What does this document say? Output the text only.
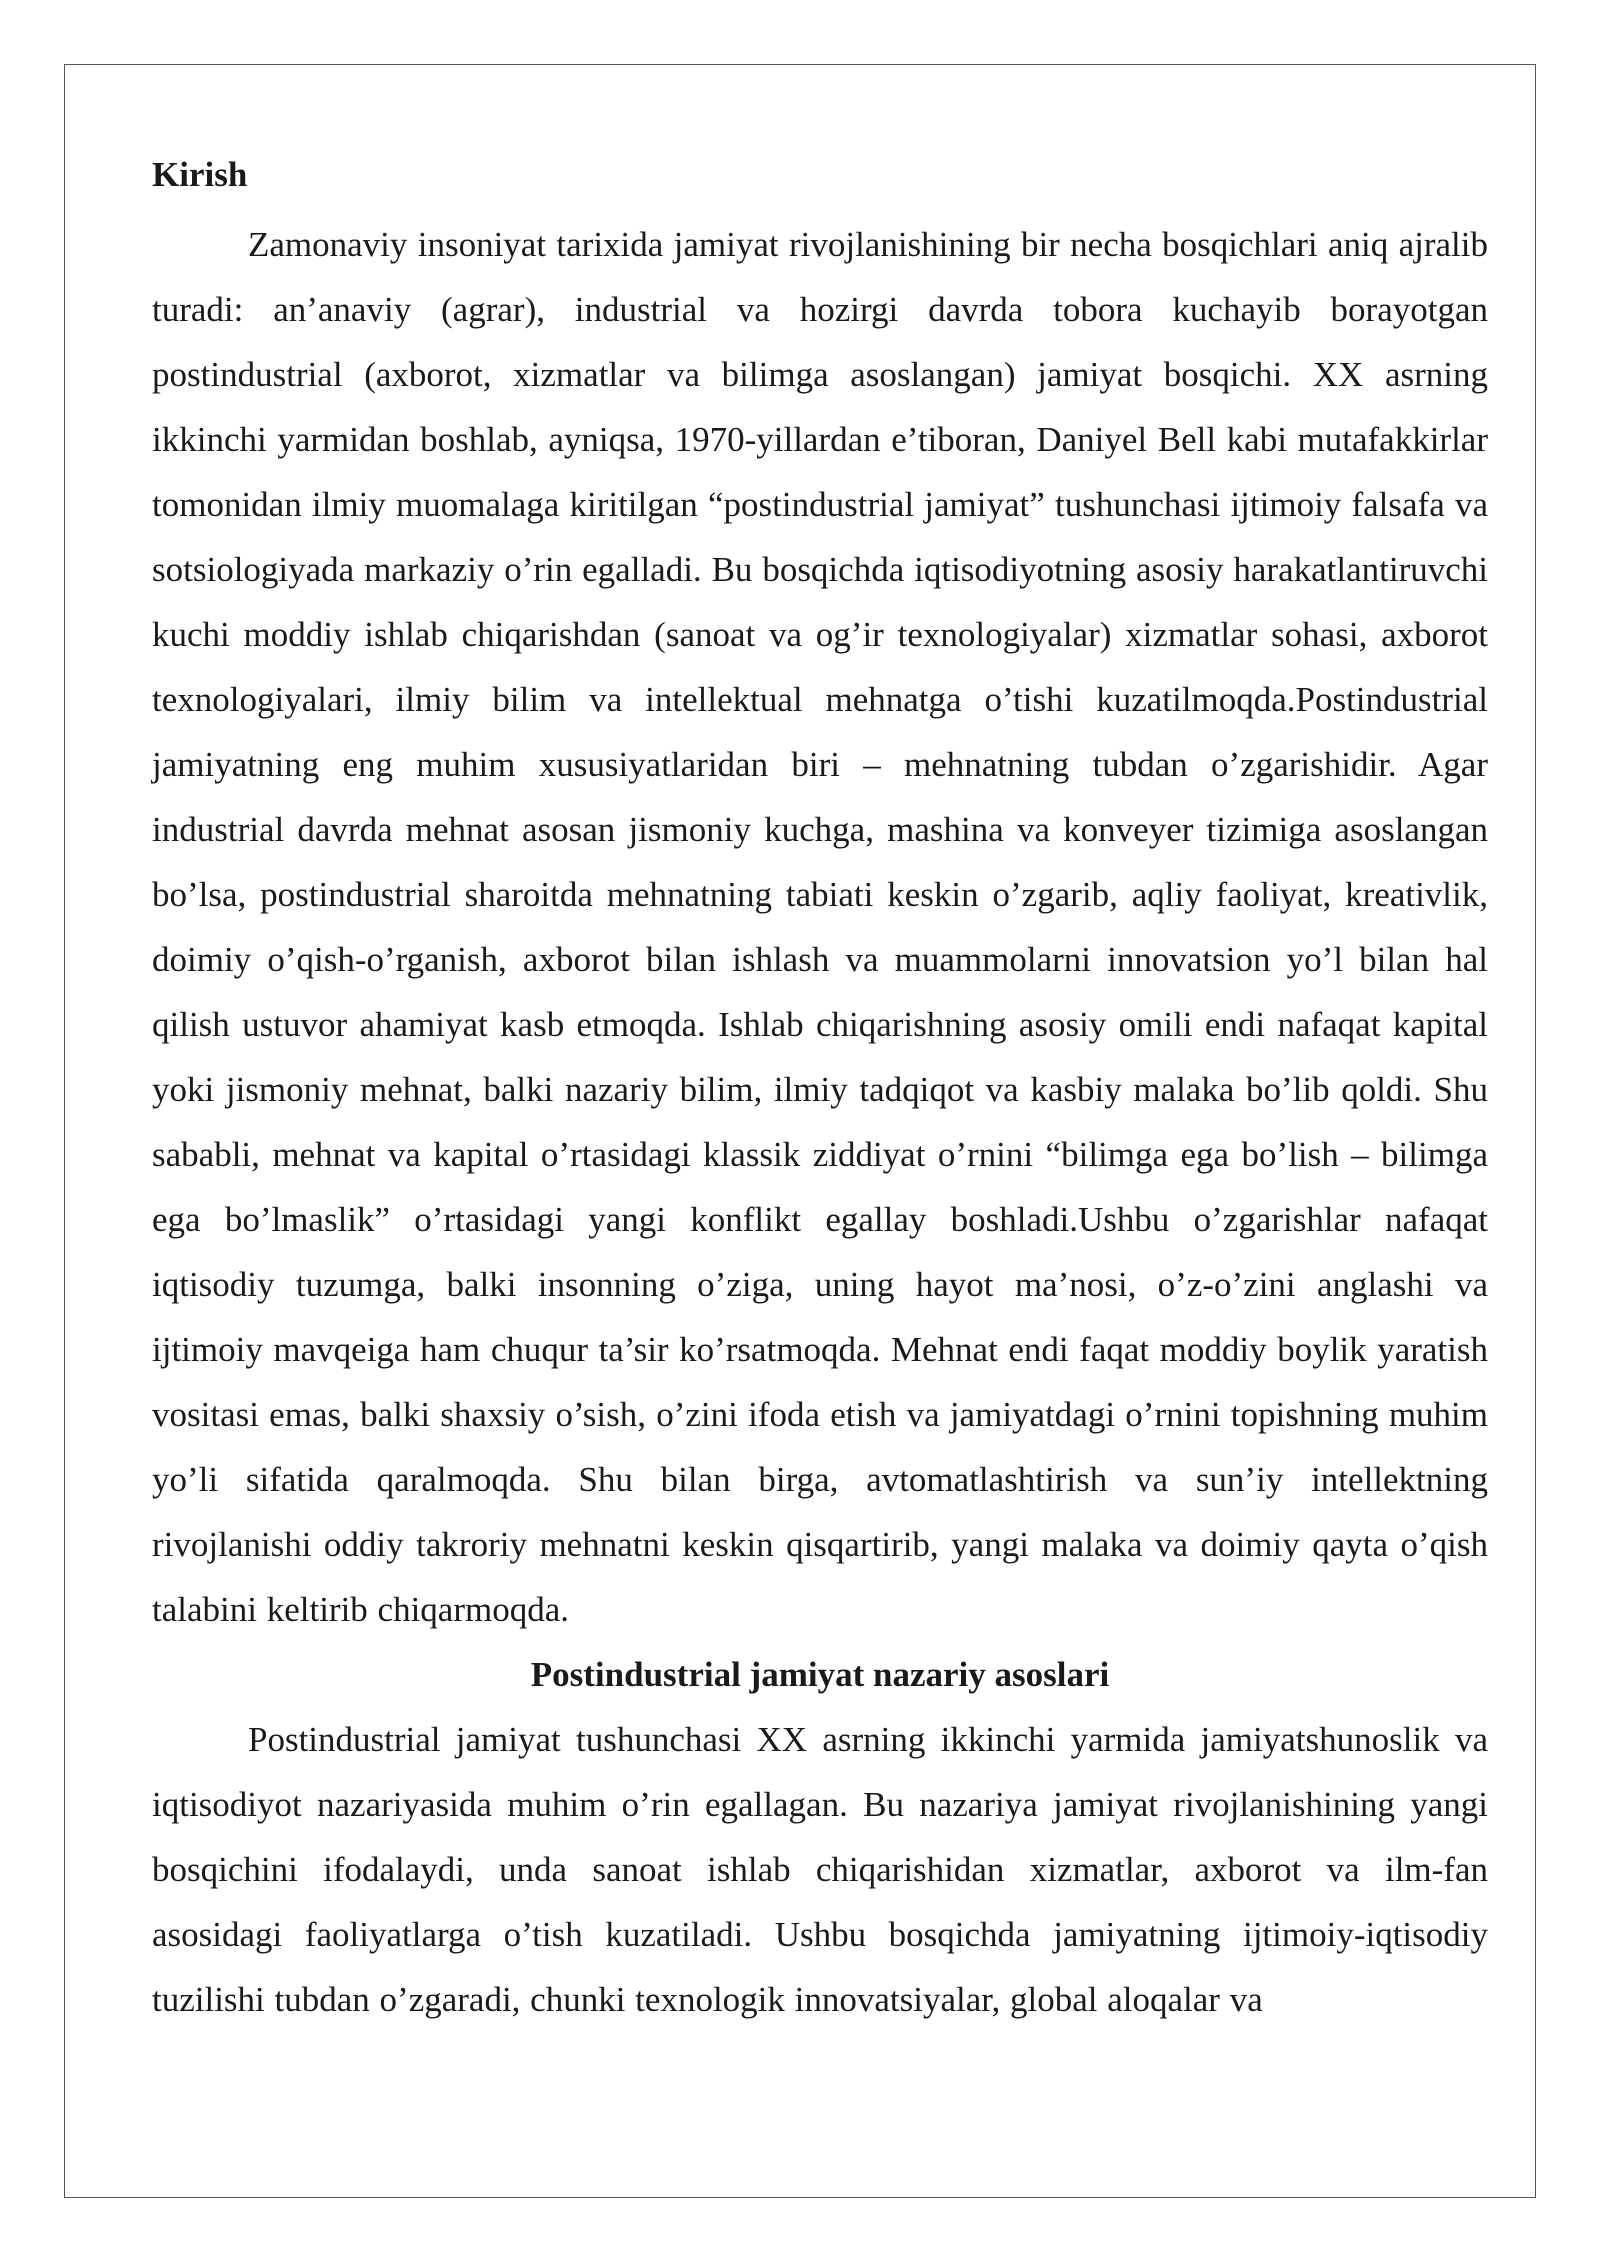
Kirish

Zamonaviy insoniyat tarixida jamiyat rivojlanishining bir necha bosqichlari aniq ajralib turadi: an’anaviy (agrar), industrial va hozirgi davrda tobora kuchayib borayotgan postindustrial (axborot, xizmatlar va bilimga asoslangan) jamiyat bosqichi. XX asrning ikkinchi yarmidan boshlab, ayniqsa, 1970-yillardan e’tiboran, Daniyel Bell kabi mutafakkirlar tomonidan ilmiy muomalaga kiritilgan “postindustrial jamiyat” tushunchasi ijtimoiy falsafa va sotsiologiyada markaziy o’rin egalladi. Bu bosqichda iqtisodiyotning asosiy harakatlantiruvchi kuchi moddiy ishlab chiqarishdan (sanoat va og’ir texnologiyalar) xizmatlar sohasi, axborot texnologiyalari, ilmiy bilim va intellektual mehnatga o’tishi kuzatilmoqda.Postindustrial jamiyatning eng muhim xususiyatlaridan biri – mehnatning tubdan o’zgarishidir. Agar industrial davrda mehnat asosan jismoniy kuchga, mashina va konveyer tizimiga asoslangan bo’lsa, postindustrial sharoitda mehnatning tabiati keskin o’zgarib, aqliy faoliyat, kreativlik, doimiy o’qish-o’rganish, axborot bilan ishlash va muammolarni innovatsion yo’l bilan hal qilish ustuvor ahamiyat kasb etmoqda. Ishlab chiqarishning asosiy omili endi nafaqat kapital yoki jismoniy mehnat, balki nazariy bilim, ilmiy tadqiqot va kasbiy malaka bo’lib qoldi. Shu sababli, mehnat va kapital o’rtasidagi klassik ziddiyat o’rnini “bilimga ega bo’lish – bilimga ega bo’lmaslik” o’rtasidagi yangi konflikt egallay boshladi.Ushbu o’zgarishlar nafaqat iqtisodiy tuzumga, balki insonning o’ziga, uning hayot ma’nosi, o’z-o’zini anglashi va ijtimoiy mavqeiga ham chuqur ta’sir ko’rsatmoqda. Mehnat endi faqat moddiy boylik yaratish vositasi emas, balki shaxsiy o’sish, o’zini ifoda etish va jamiyatdagi o’rnini topishning muhim yo’li sifatida qaralmoqda. Shu bilan birga, avtomatlashtirish va sun’iy intellektning rivojlanishi oddiy takroriy mehnatni keskin qisqartirib, yangi malaka va doimiy qayta o’qish talabini keltirib chiqarmoqda.

Postindustrial jamiyat nazariy asoslari

Postindustrial jamiyat tushunchasi XX asrning ikkinchi yarmida jamiyatshunoslik va iqtisodiyot nazariyasida muhim o’rin egallagan. Bu nazariya jamiyat rivojlanishining yangi bosqichini ifodalaydi, unda sanoat ishlab chiqarishidan xizmatlar, axborot va ilm-fan asosidagi faoliyatlarga o’tish kuzatiladi. Ushbu bosqichda jamiyatning ijtimoiy-iqtisodiy tuzilishi tubdan o’zgaradi, chunki texnologik innovatsiyalar, global aloqalar va
